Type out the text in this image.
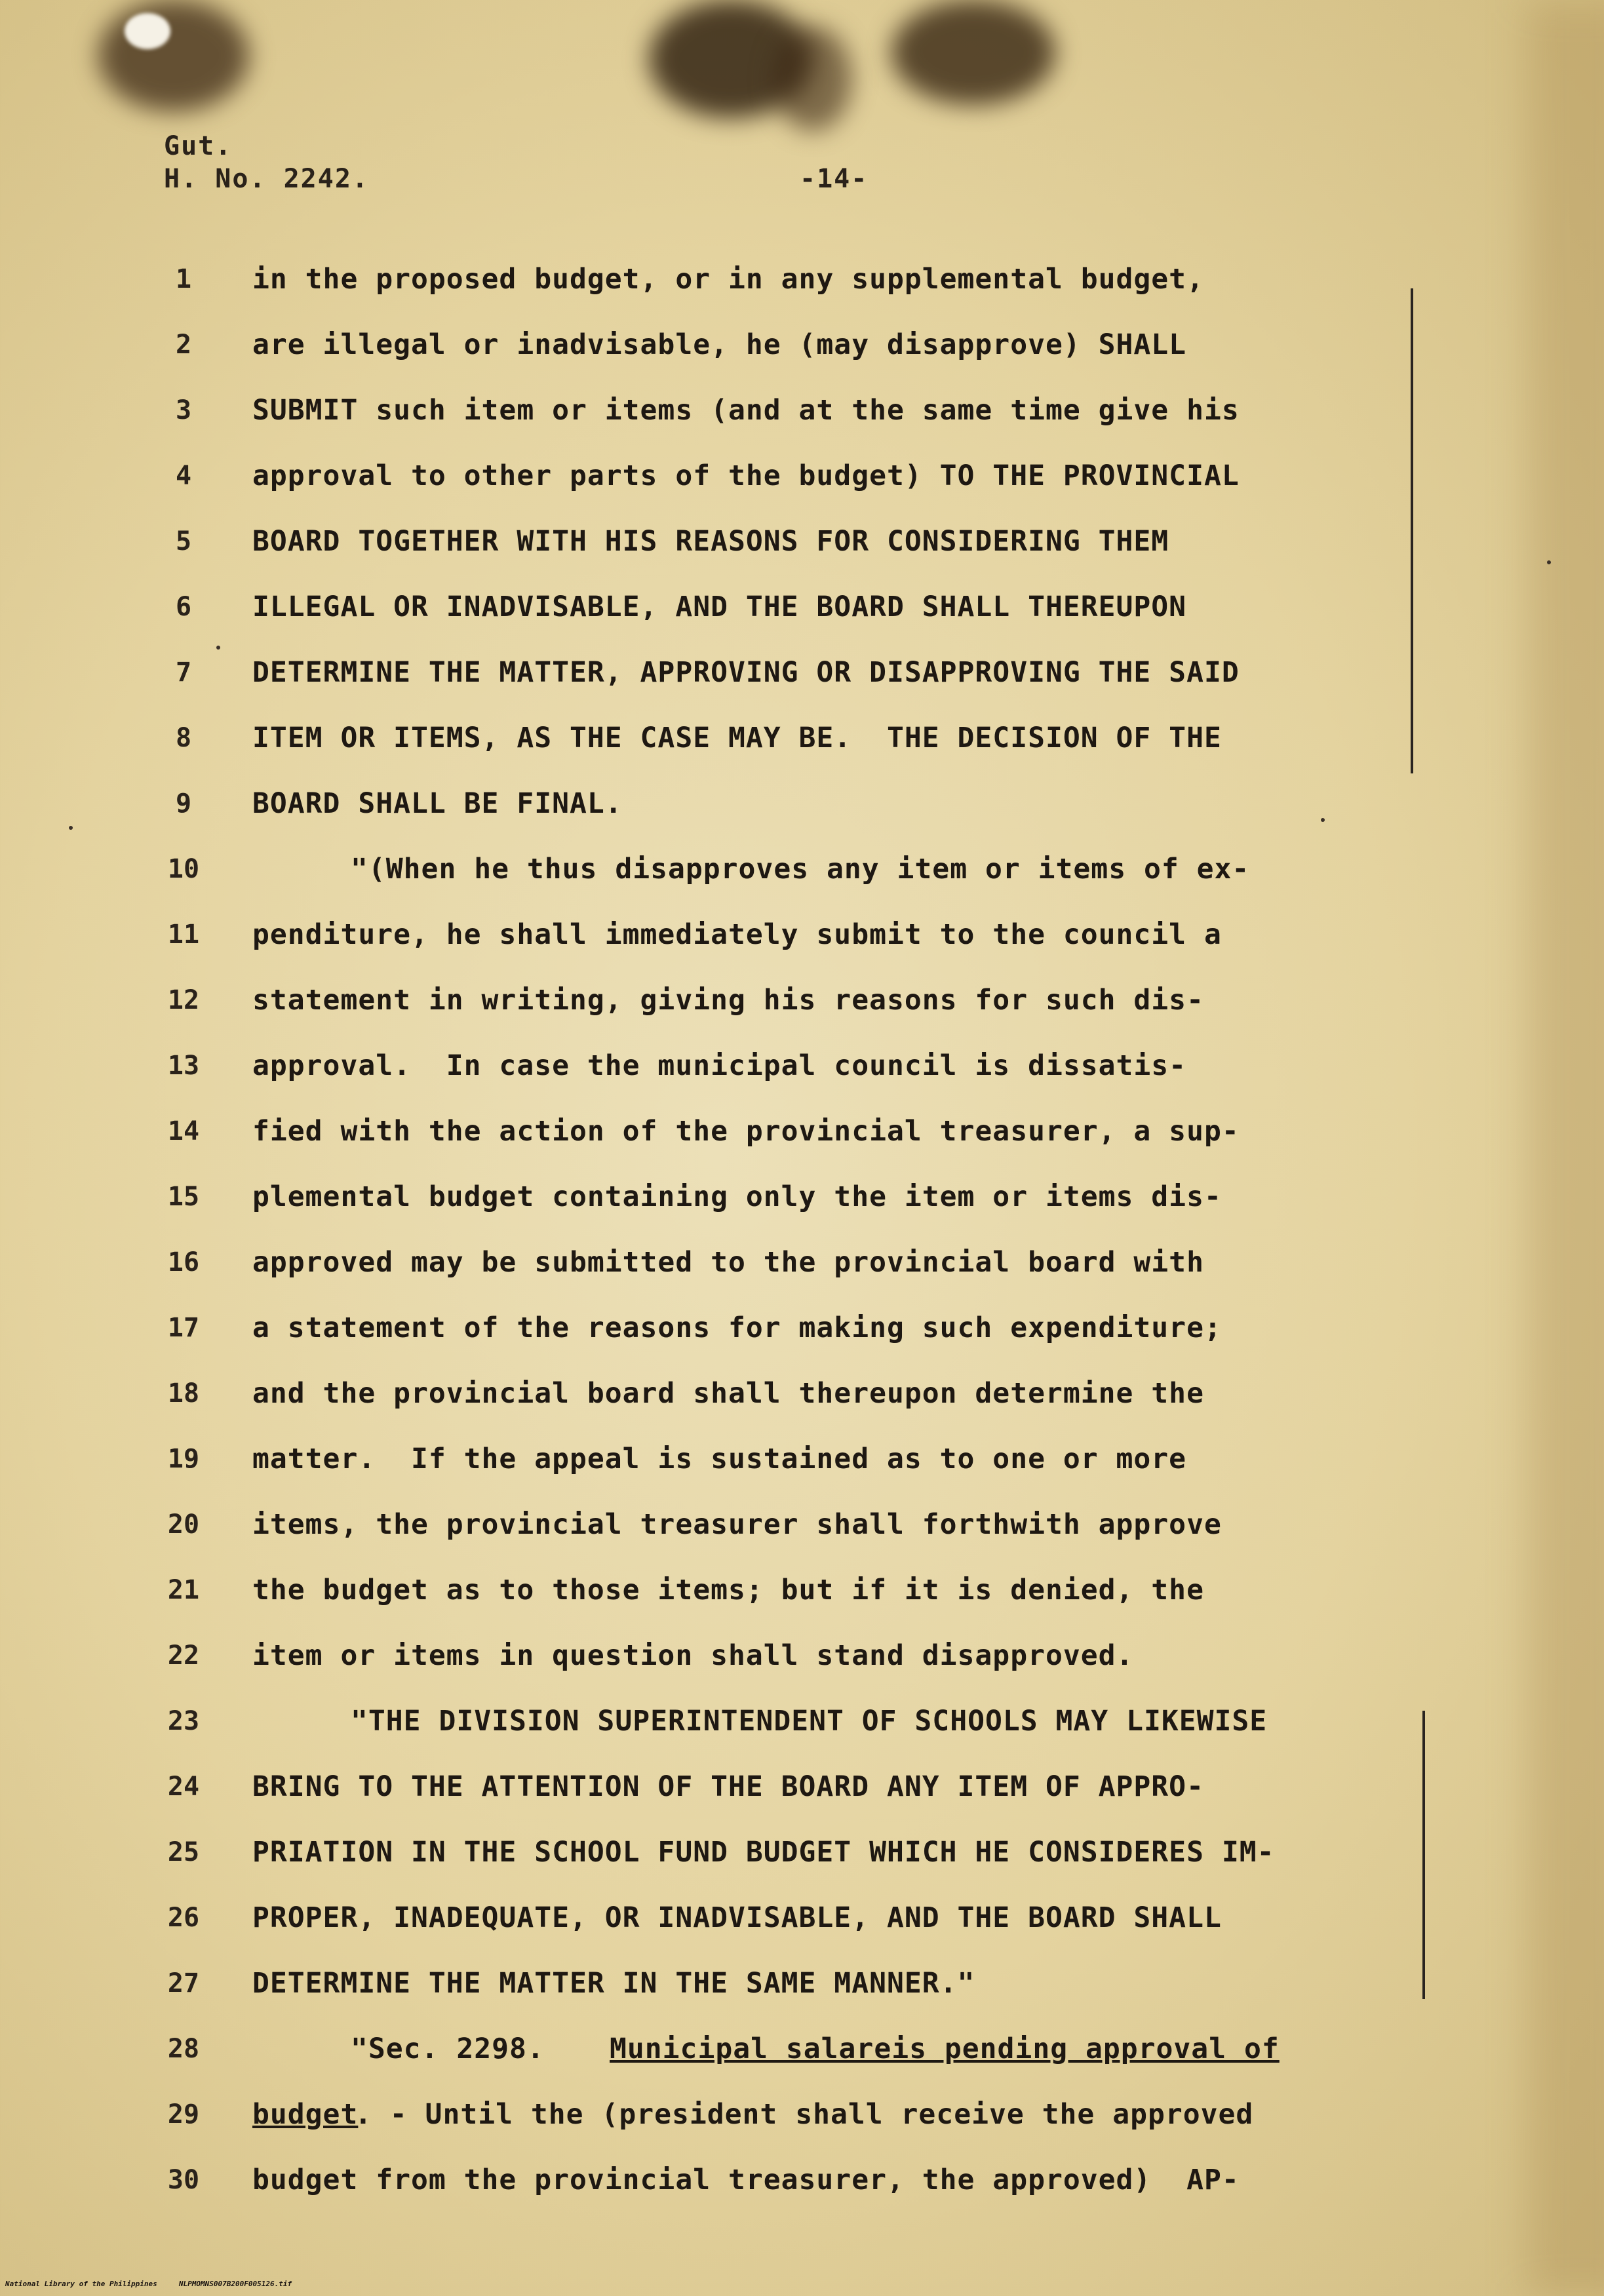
Gut.
H. No. 2242.	-14-
1	in the proposed budget, or in any supplemental budget,
2	are illegal or inadvisable, he (may disapprove) SHALL
3	SUBMIT such item or items (and at the same time give his
4	approval to other parts of the budget) TO THE PROVINCIAL
5	BOARD TOGETHER WITH HIS REASONS FOR CONSIDERING THEM
6	ILLEGAL OR INADVISABLE, AND THE BOARD SHALL THEREUPON
7	DETERMINE THE MATTER, APPROVING OR DISAPPROVING THE SAID
8	ITEM OR ITEMS, AS THE CASE MAY BE.  THE DECISION OF THE
9	BOARD SHALL BE FINAL.
10	"(When he thus disapproves any item or items of ex-
11	penditure, he shall immediately submit to the council a
12	statement in writing, giving his reasons for such dis-
13	approval.  In case the municipal council is dissatis-
14	fied with the action of the provincial treasurer, a sup-
15	plemental budget containing only the item or items dis-
16	approved may be submitted to the provincial board with
17	a statement of the reasons for making such expenditure;
18	and the provincial board shall thereupon determine the
19	matter.  If the appeal is sustained as to one or more
20	items, the provincial treasurer shall forthwith approve
21	the budget as to those items; but if it is denied, the
22	item or items in question shall stand disapproved.
23	"THE DIVISION SUPERINTENDENT OF SCHOOLS MAY LIKEWISE
24	BRING TO THE ATTENTION OF THE BOARD ANY ITEM OF APPRO-
25	PRIATION IN THE SCHOOL FUND BUDGET WHICH HE CONSIDERES IM-
26	PROPER, INADEQUATE, OR INADVISABLE, AND THE BOARD SHALL
27	DETERMINE THE MATTER IN THE SAME MANNER."
28	"Sec. 2298. Municipal salareis pending approval of
29	budget
. - Until the (president shall receive the approved
30	budget from the provincial treasurer, the approved)  AP-
National Library of the Philippines     NLPMOMNS007B200F005126.tif
